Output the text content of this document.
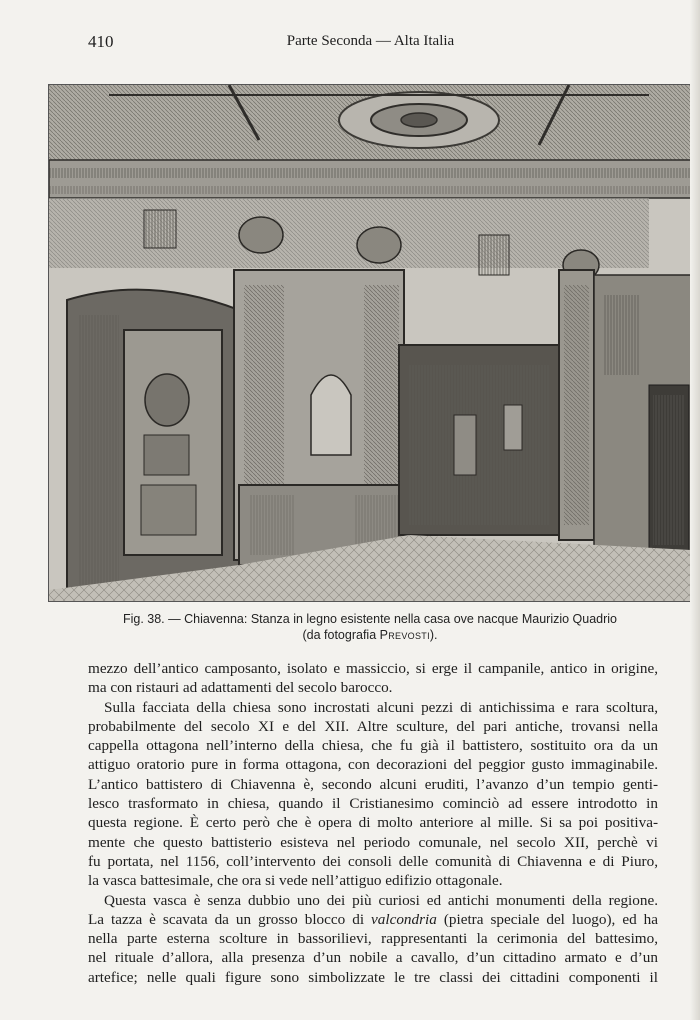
410	Parte Seconda — Alta Italia
Fig. 38. — Chiavenna: Stanza in legno esistente nella casa ove nacque Maurizio Quadrio
(da fotografia Prevosti).

mezzo dell’antico camposanto, isolato e massiccio, si erge il campanile, antico in origine,
ma con ristauri ad adattamenti del secolo barocco.

Sulla facciata della chiesa sono incrostati alcuni pezzi di antichissima e rara scoltura,
probabilmente del secolo XI e del XII. Altre sculture, del pari antiche, trovansi nella
cappella ottagona nell’interno della chiesa, che fu già il battistero, sostituito ora da un
attiguo oratorio pure in forma ottagona, con decorazioni del peggior gusto immaginabile.
L’antico battistero di Chiavenna è, secondo alcuni eruditi, l’avanzo d’un tempio genti-
lesco trasformato in chiesa, quando il Cristianesimo cominciò ad essere introdotto in
questa regione. È certo però che è opera di molto anteriore al mille. Si sa poi positiva-
mente che questo battisterio esisteva nel periodo comunale, nel secolo XII, perchè vi
fu portata, nel 1156, coll’intervento dei consoli delle comunità di Chiavenna e di Piuro,
la vasca battesimale, che ora si vede nell’attiguo edifizio ottagonale.

Questa vasca è senza dubbio uno dei più curiosi ed antichi monumenti della regione.
La tazza è scavata da un grosso blocco di valcondria (pietra speciale del luogo), ed ha
nella parte esterna scolture in bassorilievi, rappresentanti la cerimonia del battesimo,
nel rituale d’allora, alla presenza d’un nobile a cavallo, d’un cittadino armato e d’un
artefice; nelle quali figure sono simbolizzate le tre classi dei cittadini componenti il
